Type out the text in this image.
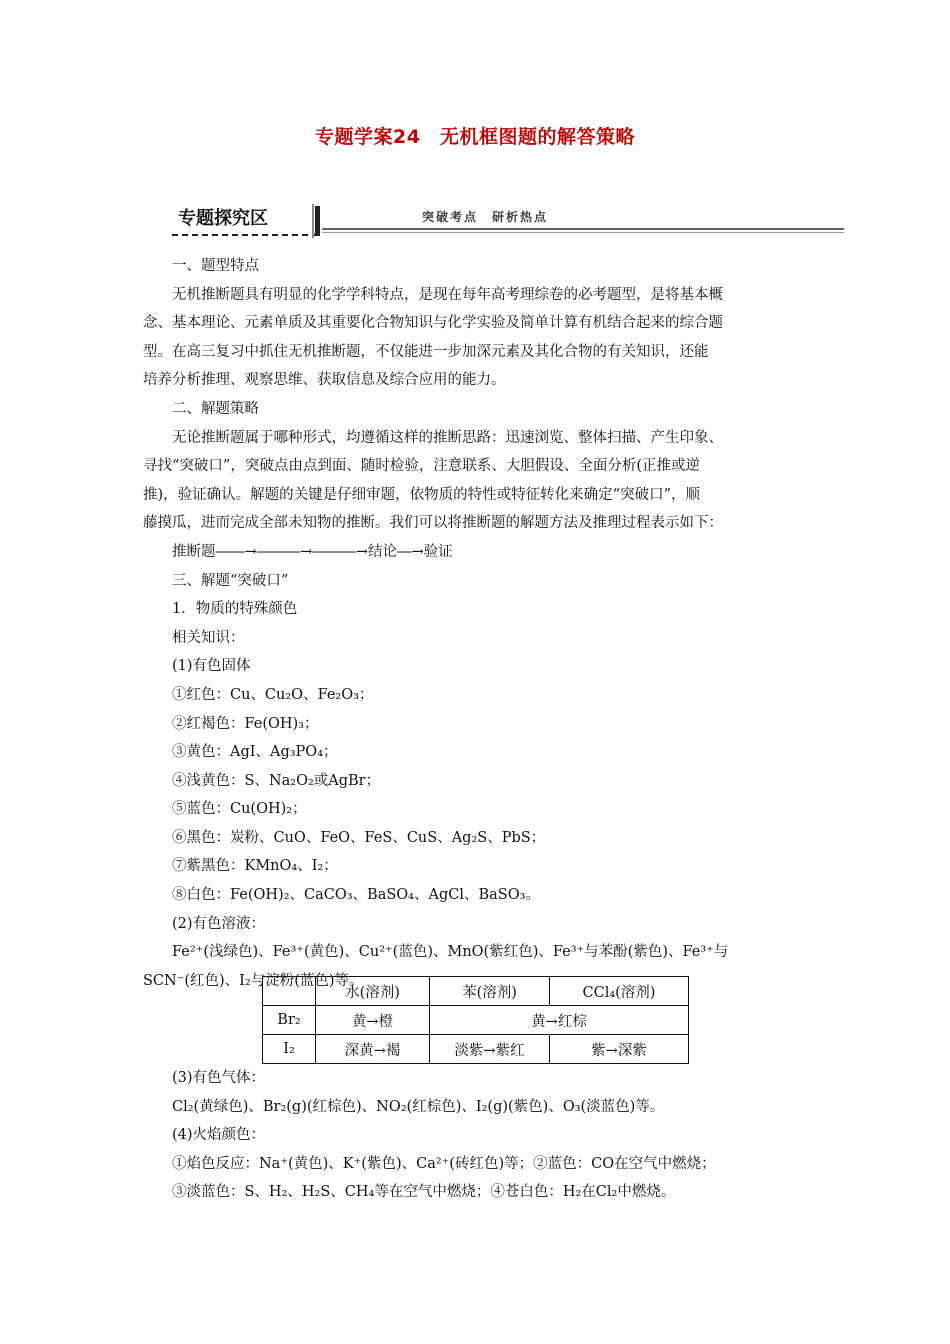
专题学案24　无机框图题的解答策略
专题探究区	突破考点　研析热点

一、题型特点

无机推断题具有明显的化学学科特点，是现在每年高考理综卷的必考题型，是将基本概

念、基本理论、元素单质及其重要化合物知识与化学实验及简单计算有机结合起来的综合题

型。在高三复习中抓住无机推断题，不仅能进一步加深元素及其化合物的有关知识，还能

培养分析推理、观察思维、获取信息及综合应用的能力。

二、解题策略

无论推断题属于哪种形式，均遵循这样的推断思路：迅速浏览、整体扫描、产生印象、

寻找“突破口”，突破点由点到面、随时检验，注意联系、大胆假设、全面分析(正推或逆

推)，验证确认。解题的关键是仔细审题，依物质的特性或特征转化来确定“突破口”，顺

藤摸瓜，进而完成全部未知物的推断。我们可以将推断题的解题方法及推理过程表示如下：

推断题――→―――→―――→结论―→验证

三、解题“突破口”

1．物质的特殊颜色

相关知识：

(1)有色固体

①红色：Cu、Cu₂O、Fe₂O₃；

②红褐色：Fe(OH)₃；

③黄色：AgI、Ag₃PO₄；

④浅黄色：S、Na₂O₂或AgBr；

⑤蓝色：Cu(OH)₂；

⑥黑色：炭粉、CuO、FeO、FeS、CuS、Ag₂S、PbS；

⑦紫黑色：KMnO₄、I₂；

⑧白色：Fe(OH)₂、CaCO₃、BaSO₄、AgCl、BaSO₃。

(2)有色溶液：

Fe²⁺(浅绿色)、Fe³⁺(黄色)、Cu²⁺(蓝色)、MnO(紫红色)、Fe³⁺与苯酚(紫色)、Fe³⁺与

SCN⁻(红色)、I₂与淀粉(蓝色)等。

	水(溶剂)	苯(溶剂)	CCl₄(溶剂)
Br₂	黄→橙	黄→红棕	
I₂	深黄→褐	淡紫→紫红	紫→深紫

(3)有色气体：

Cl₂(黄绿色)、Br₂(g)(红棕色)、NO₂(红棕色)、I₂(g)(紫色)、O₃(淡蓝色)等。

(4)火焰颜色：

①焰色反应：Na⁺(黄色)、K⁺(紫色)、Ca²⁺(砖红色)等；②蓝色：CO在空气中燃烧；

③淡蓝色：S、H₂、H₂S、CH₄等在空气中燃烧；④苍白色：H₂在Cl₂中燃烧。
